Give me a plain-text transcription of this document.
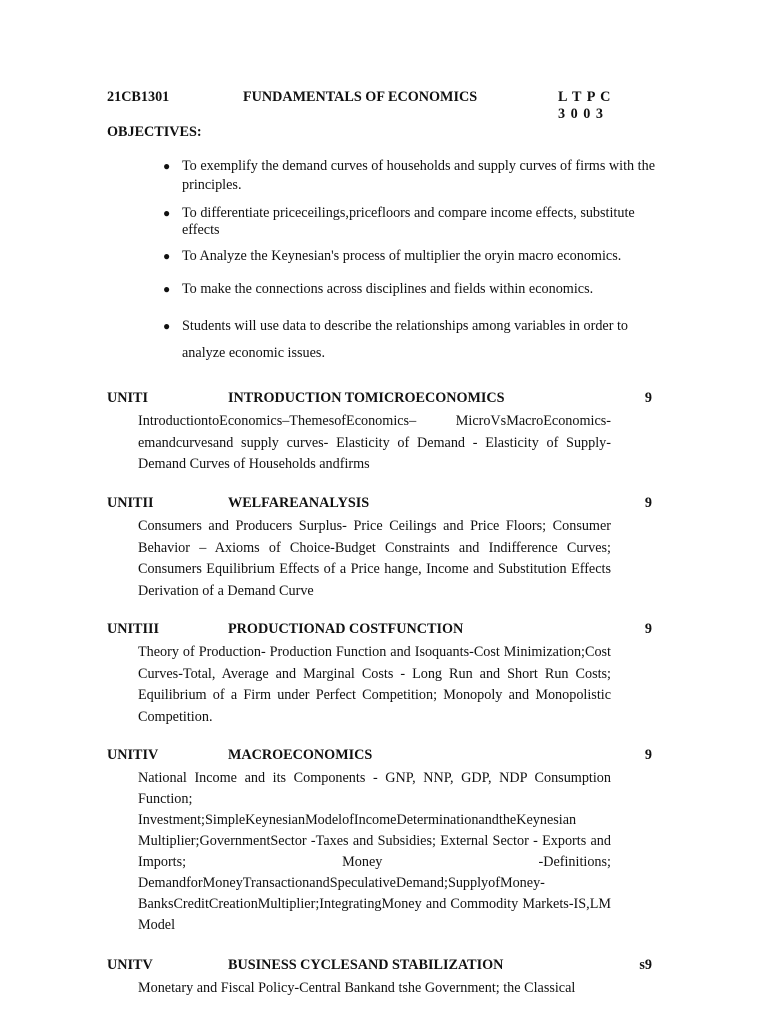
21CB1301	FUNDAMENTALS OF ECONOMICS	L T P C
3 0 0 3
OBJECTIVES:
● To exemplify the demand curves of households and supply curves of firms with the principles.
● To differentiate priceceilings,pricefloors and compare income effects, substitute effects
● To Analyze the Keynesian's process of multiplier the oryin macro economics.
● To make the connections across disciplines and fields within economics.
● Students will use data to describe the relationships among variables in order to analyze economic issues.
UNITI	INTRODUCTION TOMICROECONOMICS	9

IntroductiontoEconomics–ThemesofEconomics– MicroVsMacroEconomics-emandcurvesand supply curves- Elasticity of Demand - Elasticity of Supply- Demand Curves of Households andfirms

UNITII	WELFAREANALYSIS	9

Consumers and Producers Surplus- Price Ceilings and Price Floors; Consumer Behavior – Axioms of Choice-Budget Constraints and Indifference Curves; Consumers Equilibrium Effects of a Price hange, Income and Substitution Effects Derivation of a Demand Curve

UNITIII	PRODUCTIONAD COSTFUNCTION	9

Theory of Production- Production Function and Isoquants-Cost Minimization;Cost Curves-Total, Average and Marginal Costs - Long Run and Short Run Costs; Equilibrium of a Firm under Perfect Competition; Monopoly and Monopolistic Competition.

UNITIV	MACROECONOMICS	9

National Income and its Components - GNP, NNP, GDP, NDP Consumption Function; Investment;SimpleKeynesianModelofIncomeDeterminationandtheKeynesian Multiplier;GovernmentSector -Taxes and Subsidies; External Sector - Exports and Imports; Money -Definitions; DemandforMoneyTransactionandSpeculativeDemand;SupplyofMoney-BanksCreditCreationMultiplier;IntegratingMoney and Commodity Markets-IS,LM Model

UNITV	BUSINESS CYCLESAND STABILIZATION	s9

Monetary and Fiscal Policy-Central Bankand tshe Government; the Classical
